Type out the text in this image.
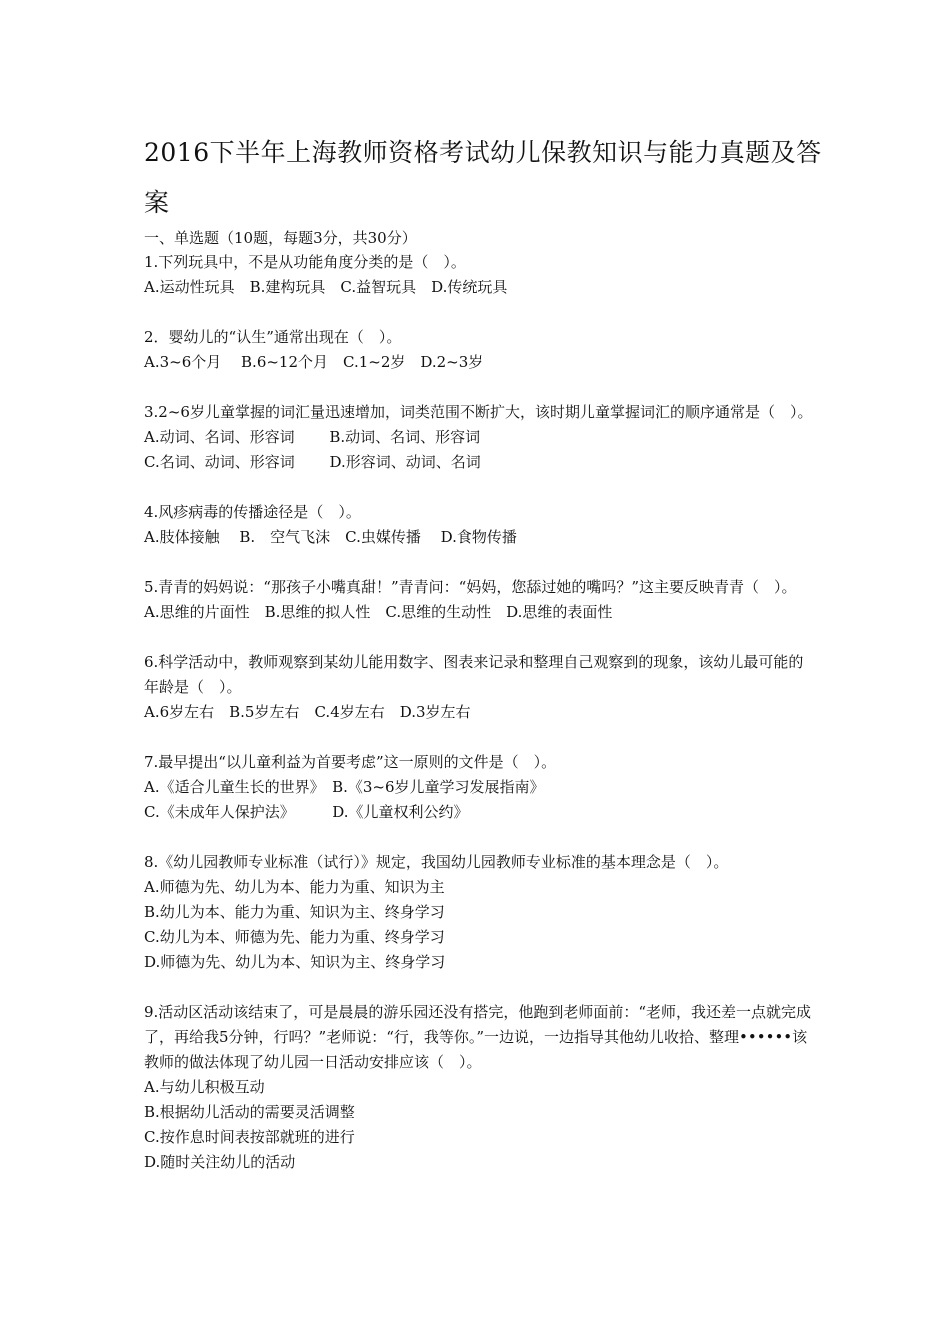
2016下半年上海教师资格考试幼儿保教知识与能力真题及答案
一、单选题（10题，每题3分，共30分）
1.下列玩具中，不是从功能角度分类的是（　）。
A.运动性玩具　B.建构玩具　C.益智玩具　D.传统玩具
2．婴幼儿的“认生”通常出现在（　）。
A.3~6个月　 B.6~12个月　C.1~2岁　D.2~3岁
3.2~6岁儿童掌握的词汇量迅速增加，词类范围不断扩大，该时期儿童掌握词汇的顺序通常是（　）。
A.动词、名词、形容词　　 B.动词、名词、形容词
C.名词、动词、形容词　　 D.形容词、动词、名词
4.风疹病毒的传播途径是（　）。
A.肢体接触　 B.　空气飞沫　C.虫媒传播　 D.食物传播
5.青青的妈妈说：“那孩子小嘴真甜！”青青问：“妈妈，您舔过她的嘴吗？”这主要反映青青（　）。
A.思维的片面性　B.思维的拟人性　C.思维的生动性　D.思维的表面性
6.科学活动中，教师观察到某幼儿能用数字、图表来记录和整理自己观察到的现象，该幼儿最可能的年龄是（　）。
A.6岁左右　B.5岁左右　C.4岁左右　D.3岁左右
7.最早提出“以儿童利益为首要考虑”这一原则的文件是（　）。
A.《适合儿童生长的世界》　B.《3~6岁儿童学习发展指南》
C.《未成年人保护法》　　　D.《儿童权利公约》
8.《幼儿园教师专业标准（试行）》规定，我国幼儿园教师专业标准的基本理念是（　）。
A.师德为先、幼儿为本、能力为重、知识为主
B.幼儿为本、能力为重、知识为主、终身学习
C.幼儿为本、师德为先、能力为重、终身学习
D.师德为先、幼儿为本、知识为主、终身学习
9.活动区活动该结束了，可是晨晨的游乐园还没有搭完，他跑到老师面前：“老师，我还差一点就完成了，再给我5分钟，行吗？”老师说：“行，我等你。”一边说，一边指导其他幼儿收拾、整理••••••该教师的做法体现了幼儿园一日活动安排应该（　）。
A.与幼儿积极互动
B.根据幼儿活动的需要灵活调整
C.按作息时间表按部就班的进行
D.随时关注幼儿的活动
